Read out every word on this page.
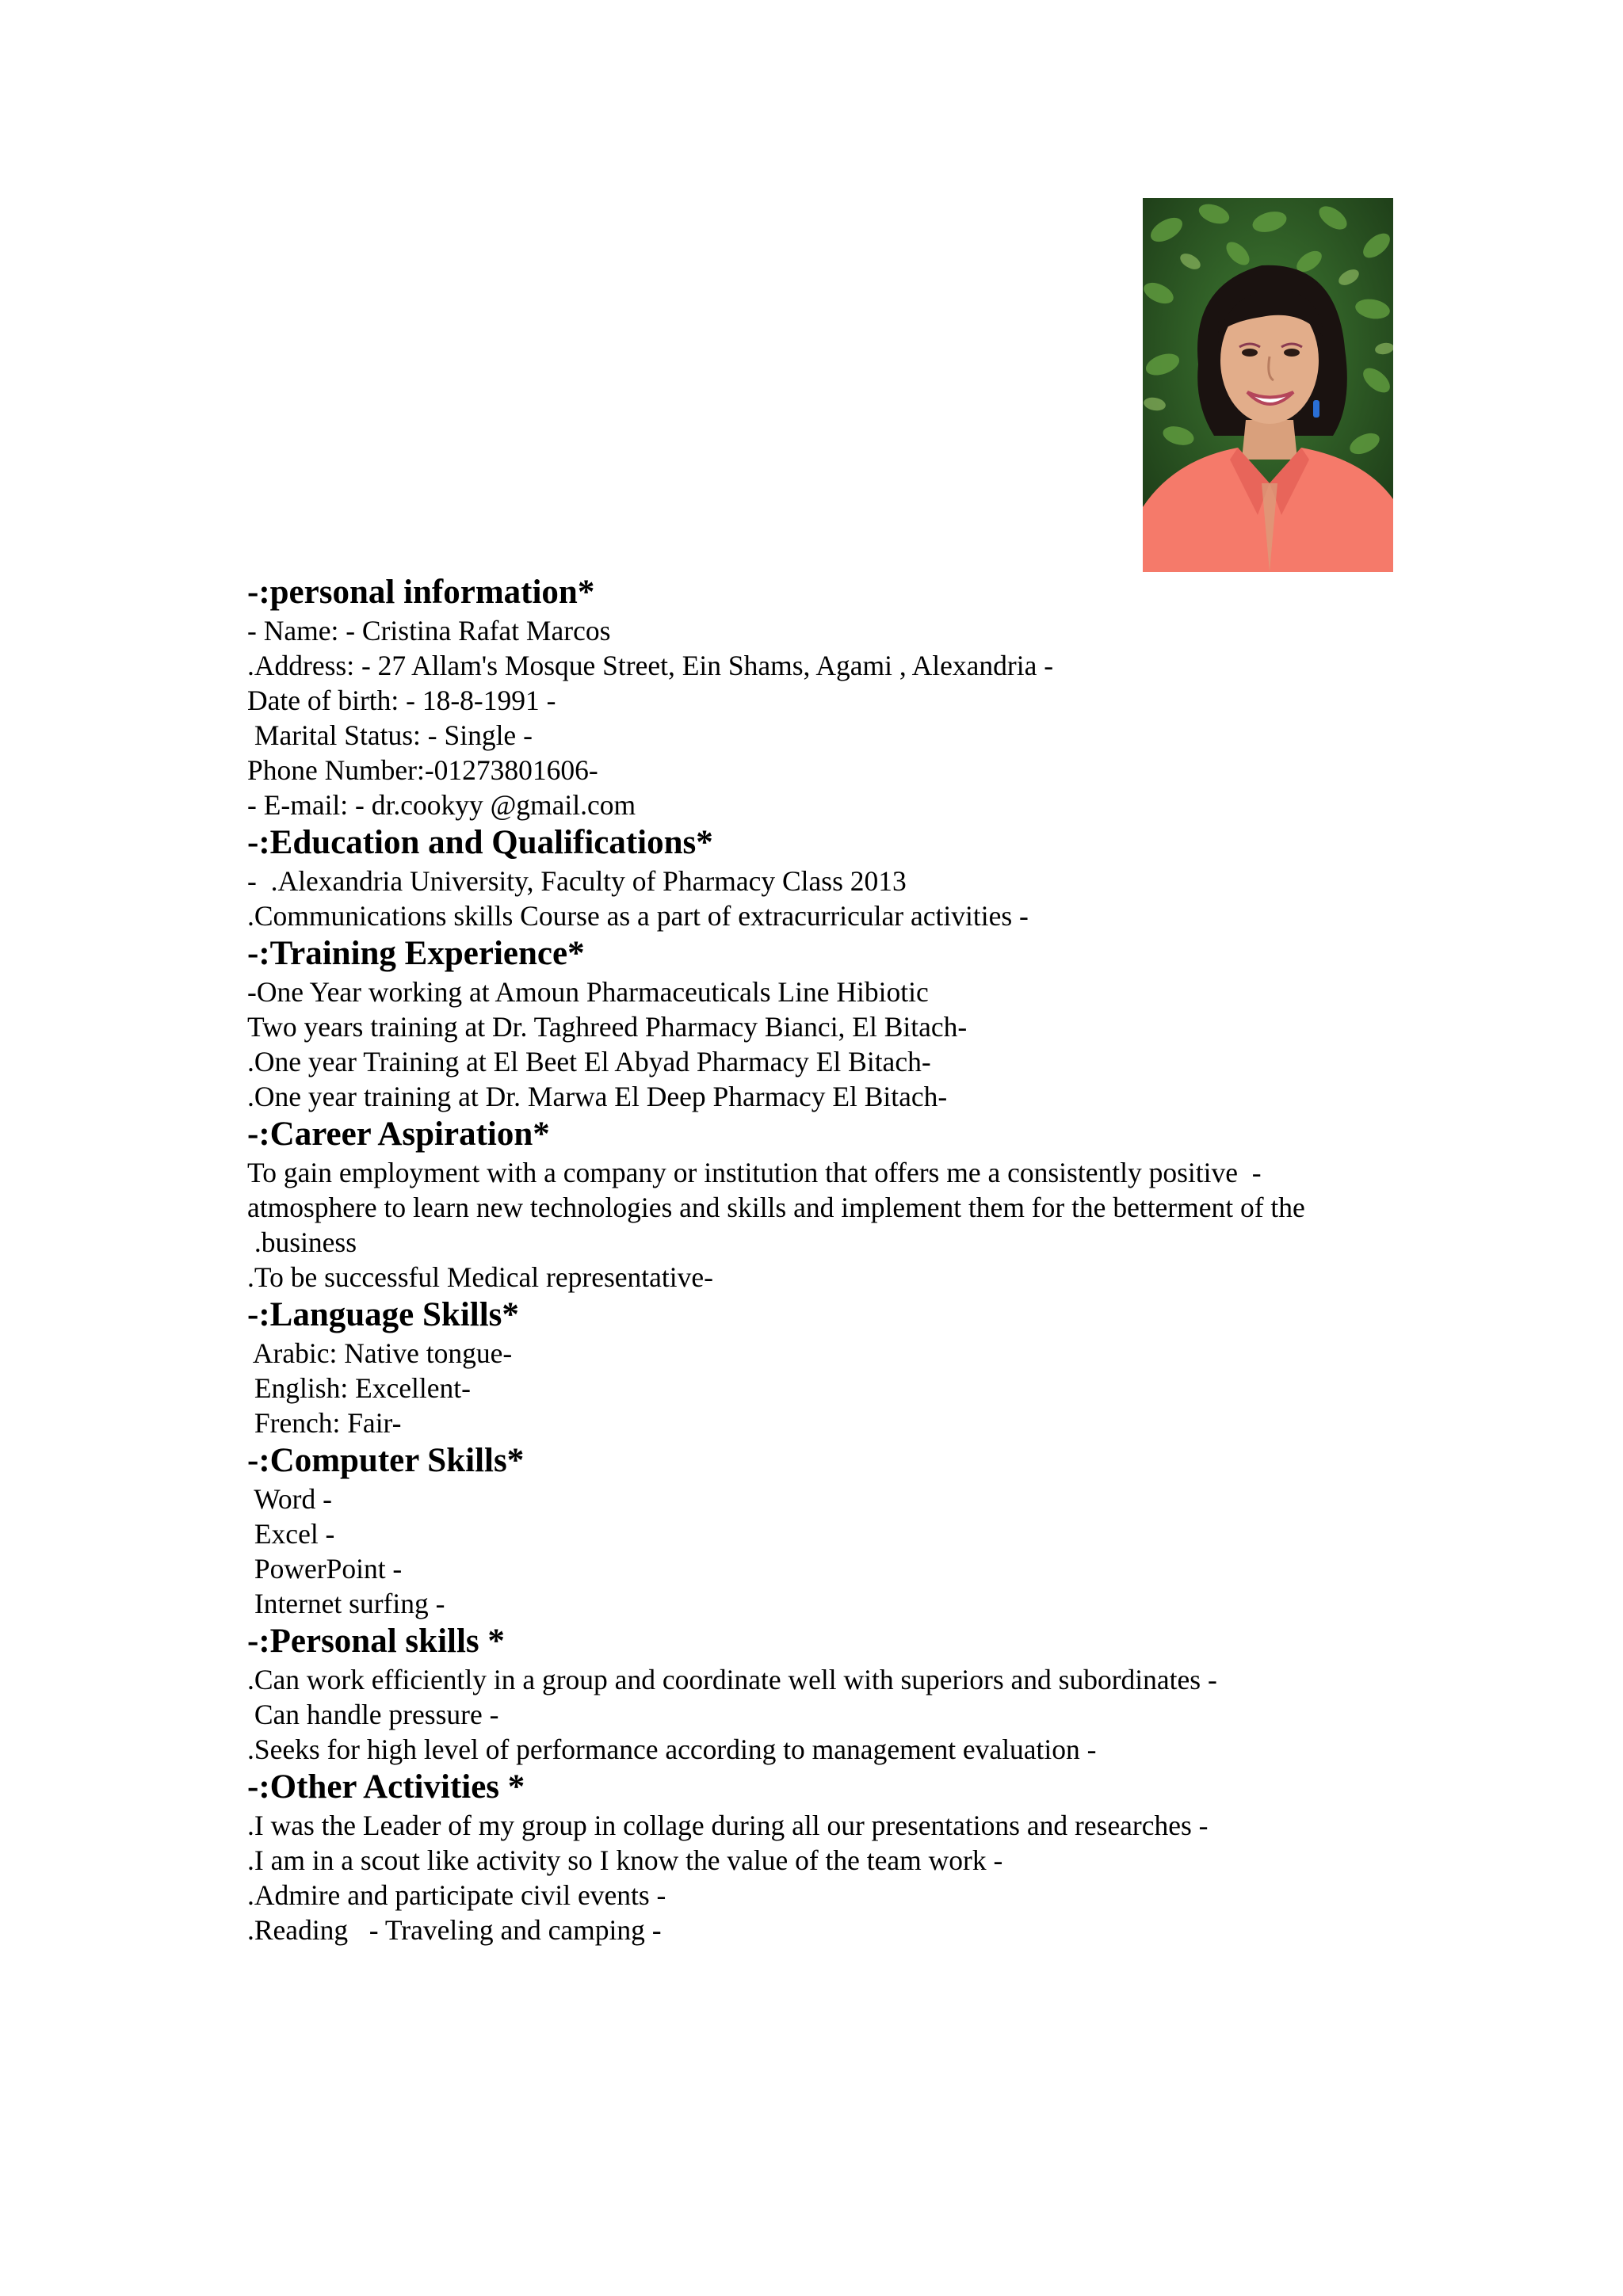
-:personal information*
- Name: - Cristina Rafat Marcos
.Address: - 27 Allam's Mosque Street, Ein Shams, Agami , Alexandria -
Date of birth: - 18-8-1991 -
Marital Status: - Single -
Phone Number:-01273801606-
- E-mail: - dr.cookyy @gmail.com
-:Education and Qualifications*
-  .Alexandria University, Faculty of Pharmacy Class 2013
.Communications skills Course as a part of extracurricular activities -
-:Training Experience*
-One Year working at Amoun Pharmaceuticals Line Hibiotic
Two years training at Dr. Taghreed Pharmacy Bianci, El Bitach-
.One year Training at El Beet El Abyad Pharmacy El Bitach-
.One year training at Dr. Marwa El Deep Pharmacy El Bitach-
-:Career Aspiration*
To gain employment with a company or institution that offers me a consistently positive  -
atmosphere to learn new technologies and skills and implement them for the betterment of the
.business
.To be successful Medical representative-
-:Language Skills*
Arabic: Native tongue-
English: Excellent-
French: Fair-
-:Computer Skills*
Word -
Excel -
PowerPoint -
Internet surfing -
-:Personal skills *
.Can work efficiently in a group and coordinate well with superiors and subordinates -
Can handle pressure -
.Seeks for high level of performance according to management evaluation -
-:Other Activities *
.I was the Leader of my group in collage during all our presentations and researches -
.I am in a scout like activity so I know the value of the team work -
.Admire and participate civil events -
.Reading   - Traveling and camping -
